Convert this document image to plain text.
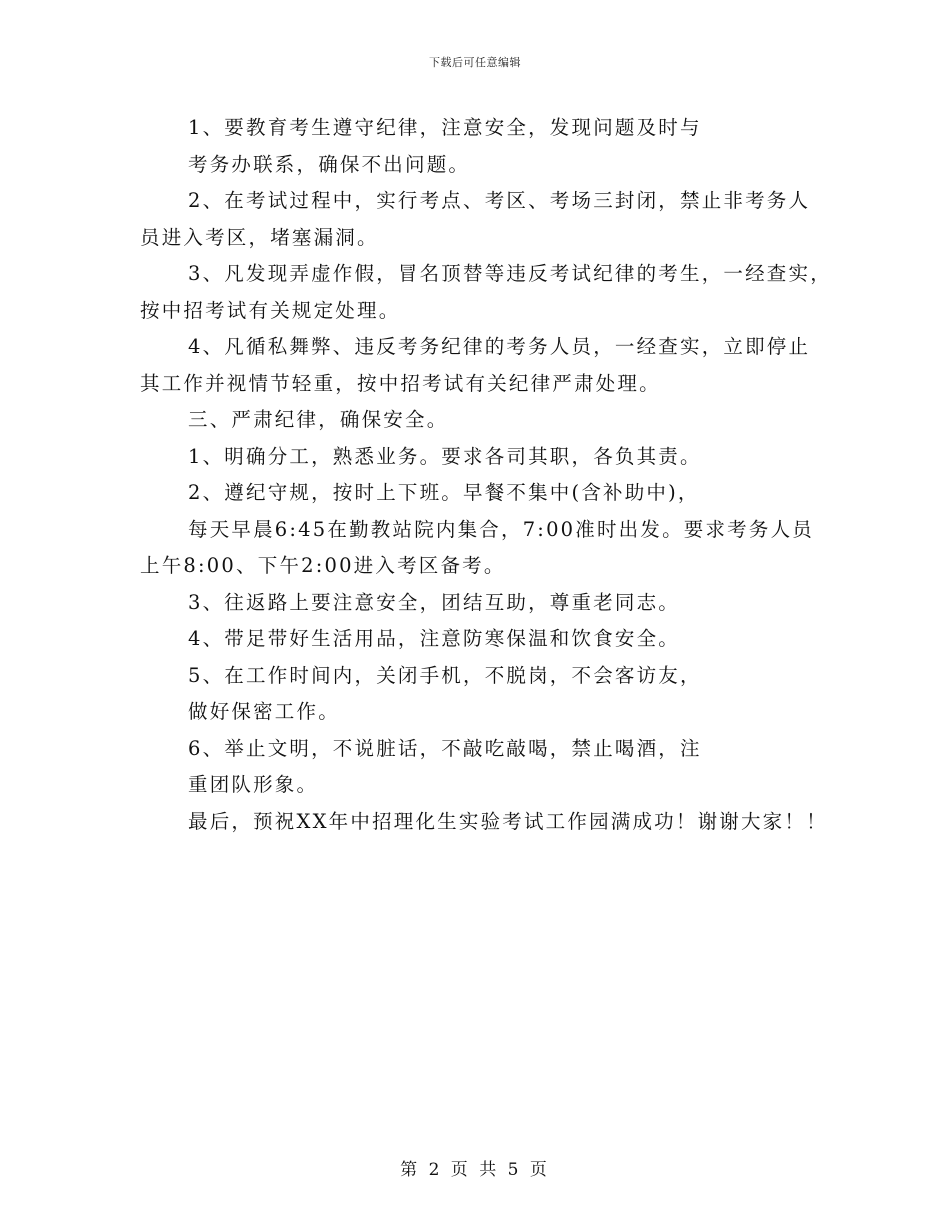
下载后可任意编辑
1、要教育考生遵守纪律，注意安全，发现问题及时与
考务办联系，确保不出问题。
2、在考试过程中，实行考点、考区、考场三封闭，禁止非考务人
员进入考区，堵塞漏洞。
3、凡发现弄虚作假，冒名顶替等违反考试纪律的考生，一经查实，
按中招考试有关规定处理。
4、凡循私舞弊、违反考务纪律的考务人员，一经查实，立即停止
其工作并视情节轻重，按中招考试有关纪律严肃处理。
三、严肃纪律，确保安全。
1、明确分工，熟悉业务。要求各司其职，各负其责。
2、遵纪守规，按时上下班。早餐不集中(含补助中)，
每天早晨6:45在勤教站院内集合，7:00准时出发。要求考务人员
上午8:00、下午2:00进入考区备考。
3、往返路上要注意安全，团结互助，尊重老同志。
4、带足带好生活用品，注意防寒保温和饮食安全。
5、在工作时间内，关闭手机，不脱岗，不会客访友，
做好保密工作。
6、举止文明，不说脏话，不敲吃敲喝，禁止喝酒，注
重团队形象。
最后，预祝XX年中招理化生实验考试工作园满成功！谢谢大家！！
第 2 页 共 5 页
